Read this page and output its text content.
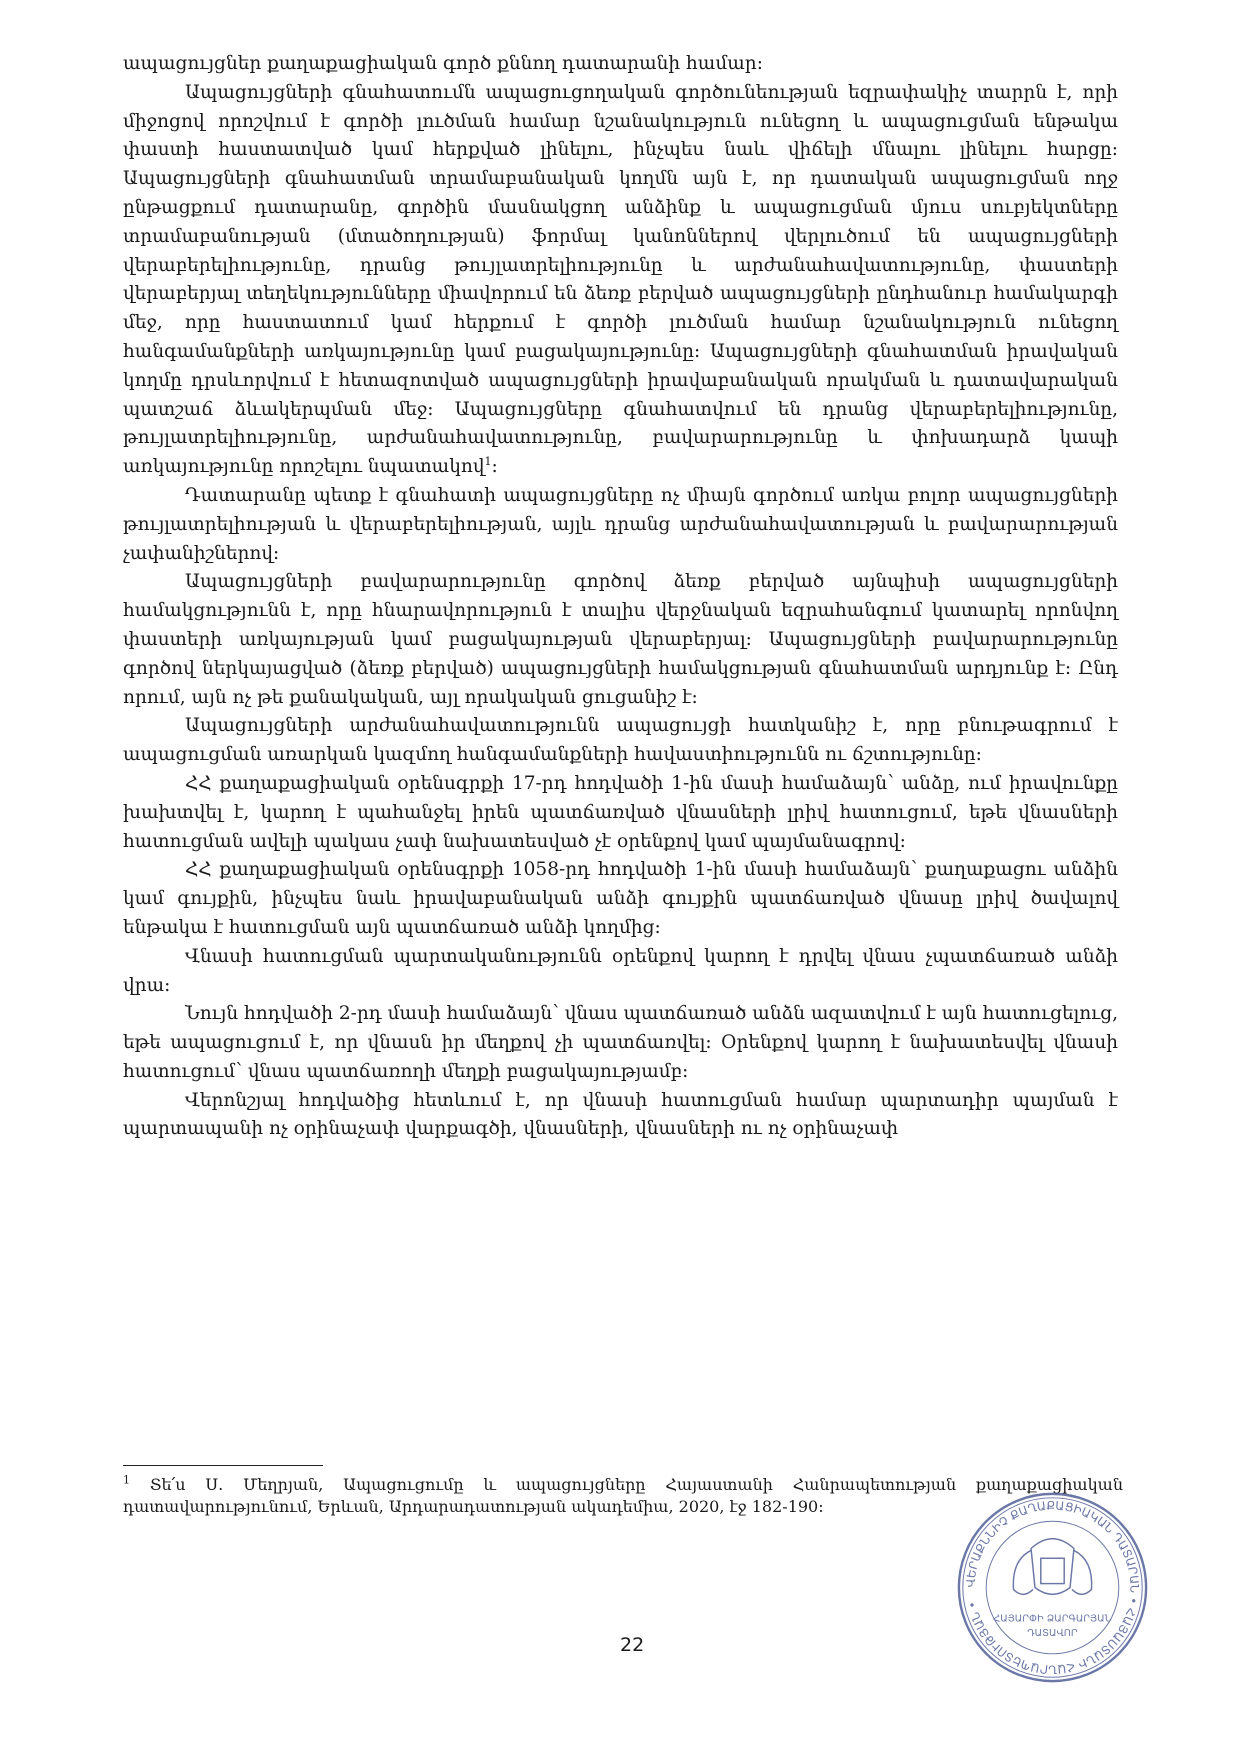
ապացույցներ քաղաքացիական գործ քննող դատարանի համար:

Ապացույցների գնահատումն ապացուցողական գործունեության եզրափակիչ տարրն է, որի միջոցով որոշվում է գործի լուծման համար նշանակություն ունեցող և ապացուցման ենթակա փաստի հաստատված կամ հերքված լինելու, ինչպես նաև վիճելի մնալու լինելու հարցը: Ապացույցների գնահատման տրամաբանական կողմն այն է, որ դատական ապացուցման ողջ ընթացքում դատարանը, գործին մասնակցող անձինք և ապացուցման մյուս սուբյեկտները տրամաբանության (մտածողության) ֆորմալ կանոններով վերլուծում են ապացույցների վերաբերելիությունը, դրանց թույլատրելիությունը և արժանահավատությունը, փաստերի վերաբերյալ տեղեկությունները միավորում են ձեռք բերված ապացույցների ընդհանուր համակարգի մեջ, որը հաստատում կամ հերքում է գործի լուծման համար նշանակություն ունեցող հանգամանքների առկայությունը կամ բացակայությունը: Ապացույցների գնահատման իրավական կողմը դրսևորվում է հետազոտված ապացույցների իրավաբանական որակման և դատավարական պատշաճ ձևակերպման մեջ: Ապացույցները գնահատվում են դրանց վերաբերելիությունը, թույլատրելիությունը, արժանահավատությունը, բավարարությունը և փոխադարձ կապի առկայությունը որոշելու նպատակով$^1$:

Դատարանը պետք է գնահատի ապացույցները ոչ միայն գործում առկա բոլոր ապացույցների թույլատրելիության և վերաբերելիության, այլև դրանց արժանահավատության և բավարարության չափանիշներով:

Ապացույցների բավարարությունը գործով ձեռք բերված այնպիսի ապացույցների համակցությունն է, որը հնարավորություն է տալիս վերջնական եզրահանգում կատարել որոնվող փաստերի առկայության կամ բացակայության վերաբերյալ: Ապացույցների բավարարությունը գործով ներկայացված (ձեռք բերված) ապացույցների համակցության գնահատման արդյունք է: Ընդ որում, այն ոչ թե քանակական, այլ որակական ցուցանիշ է:

Ապացույցների արժանահավատությունն ապացույցի հատկանիշ է, որը բնութագրում է ապացուցման առարկան կազմող հանգամանքների հավաստիությունն ու ճշտությունը:

ՀՀ քաղաքացիական օրենսգրքի 17-րդ հոդվածի 1-ին մասի համաձայն՝ անձը, ում իրավունքը խախտվել է, կարող է պահանջել իրեն պատճառված վնասների լրիվ հատուցում, եթե վնասների հատուցման ավելի պակաս չափ նախատեսված չէ օրենքով կամ պայմանագրով:

ՀՀ քաղաքացիական օրենսգրքի 1058-րդ հոդվածի 1-ին մասի համաձայն՝ քաղաքացու անձին կամ գույքին, ինչպես նաև իրավաբանական անձի գույքին պատճառված վնասը լրիվ ծավալով ենթակա է հատուցման այն պատճառած անձի կողմից:

Վնասի հատուցման պարտականությունն օրենքով կարող է դրվել վնաս չպատճառած անձի վրա:

Նույն հոդվածի 2-րդ մասի համաձայն՝ վնաս պատճառած անձն ազատվում է այն հատուցելուց, եթե ապացուցում է, որ վնասն իր մեղքով չի պատճառվել: Օրենքով կարող է նախատեսվել վնասի հատուցում՝ վնաս պատճառողի մեղքի բացակայությամբ:

Վերոնշյալ հոդվածից հետևում է, որ վնասի հատուցման համար պարտադիր պայման է պարտապանի ոչ օրինաչափ վարքագծի, վնասների, վնասների ու ոչ օրինաչափ

$^1$ Տե՛ս Ս. Մեղրյան, Ապացուցումը և ապացույցները Հայաստանի Հանրապետության քաղաքացիական դատավարությունում, Երևան, Արդարադատության ակադեմիա, 2020, էջ 182-190:
22
ՎԵՐԱՔՆՆԻՉ ՔԱՂԱՔԱՑԻԱԿԱՆ ԴԱՏԱՐԱՆ • ՀԱՅԱՍՏԱՆԻ ՀԱՆՐԱՊԵՏՈՒԹՅԱՆ •
ՀԱՅԱՐՓԻ ՁԱՐԳԱՐՅԱՆ
ԴԱՏԱՎՈՐ
